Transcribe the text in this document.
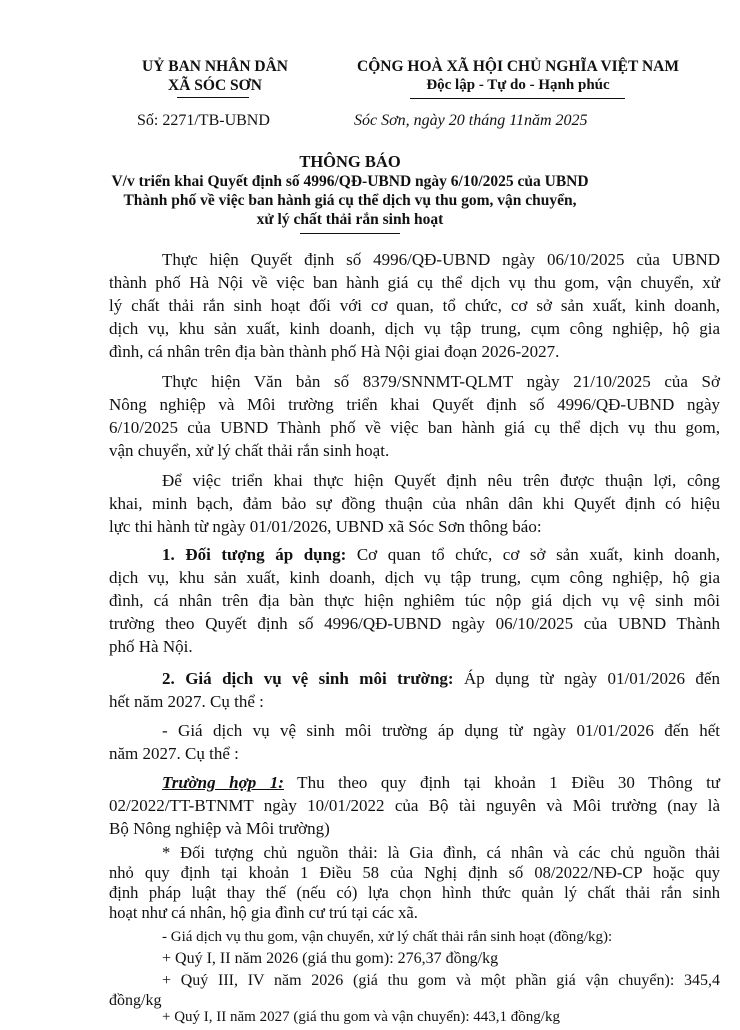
UỶ BAN NHÂN DÂN
XÃ SÓC SƠN
CỘNG HOÀ XÃ HỘI CHỦ NGHĨA VIỆT NAM
Độc lập - Tự do - Hạnh phúc
Số: 2271/TB-UBND	Sóc Sơn, ngày 20 tháng 11năm 2025
THÔNG BÁO
V/v triển khai Quyết định số 4996/QĐ-UBND ngày 6/10/2025 của UBND
Thành phố về việc ban hành giá cụ thể dịch vụ thu gom, vận chuyển,
xử lý chất thải rắn sinh hoạt
Thực hiện Quyết định số 4996/QĐ-UBND ngày 06/10/2025 của UBND
thành phố Hà Nội về việc ban hành giá cụ thể dịch vụ thu gom, vận chuyển, xử
lý chất thải rắn sinh hoạt đối với cơ quan, tổ chức, cơ sở sản xuất, kinh doanh,
dịch vụ, khu sản xuất, kinh doanh, dịch vụ tập trung, cụm công nghiệp, hộ gia
đình, cá nhân trên địa bàn thành phố Hà Nội giai đoạn 2026-2027.
Thực hiện Văn bản số 8379/SNNMT-QLMT ngày 21/10/2025 của Sở
Nông nghiệp và Môi trường triển khai Quyết định số 4996/QĐ-UBND ngày
6/10/2025 của UBND Thành phố về việc ban hành giá cụ thể dịch vụ thu gom,
vận chuyển, xử lý chất thải rắn sinh hoạt.
Để việc triển khai thực hiện Quyết định nêu trên được thuận lợi, công
khai, minh bạch, đảm bảo sự đồng thuận của nhân dân khi Quyết định có hiệu
lực thi hành từ ngày 01/01/2026, UBND xã Sóc Sơn thông báo:
1. Đối tượng áp dụng: Cơ quan tổ chức, cơ sở sản xuất, kinh doanh,
dịch vụ, khu sản xuất, kinh doanh, dịch vụ tập trung, cụm công nghiệp, hộ gia
đình, cá nhân trên địa bàn thực hiện nghiêm túc nộp giá dịch vụ vệ sinh môi
trường theo Quyết định số 4996/QĐ-UBND ngày 06/10/2025 của UBND Thành
phố Hà Nội.
2. Giá dịch vụ vệ sinh môi trường: Áp dụng từ ngày 01/01/2026 đến
hết năm 2027. Cụ thể :
- Giá dịch vụ vệ sinh môi trường áp dụng từ ngày 01/01/2026 đến hết
năm 2027. Cụ thể :
Trường hợp 1: Thu theo quy định tại khoản 1 Điều 30 Thông tư
02/2022/TT-BTNMT ngày 10/01/2022 của Bộ tài nguyên và Môi trường (nay là
Bộ Nông nghiệp và Môi trường)
* Đối tượng chủ nguồn thải: là Gia đình, cá nhân và các chủ nguồn thải
nhỏ quy định tại khoản 1 Điều 58 của Nghị định số 08/2022/NĐ-CP hoặc quy
định pháp luật thay thế (nếu có) lựa chọn hình thức quản lý chất thải rắn sinh
hoạt như cá nhân, hộ gia đình cư trú tại các xã.
- Giá dịch vụ thu gom, vận chuyển, xử lý chất thải rắn sinh hoạt (đồng/kg):
+ Quý I, II năm 2026 (giá thu gom): 276,37 đồng/kg
+ Quý III, IV năm 2026 (giá thu gom và một phần giá vận chuyển): 345,4
đồng/kg
+ Quý I, II năm 2027 (giá thu gom và vận chuyển): 443,1 đồng/kg
